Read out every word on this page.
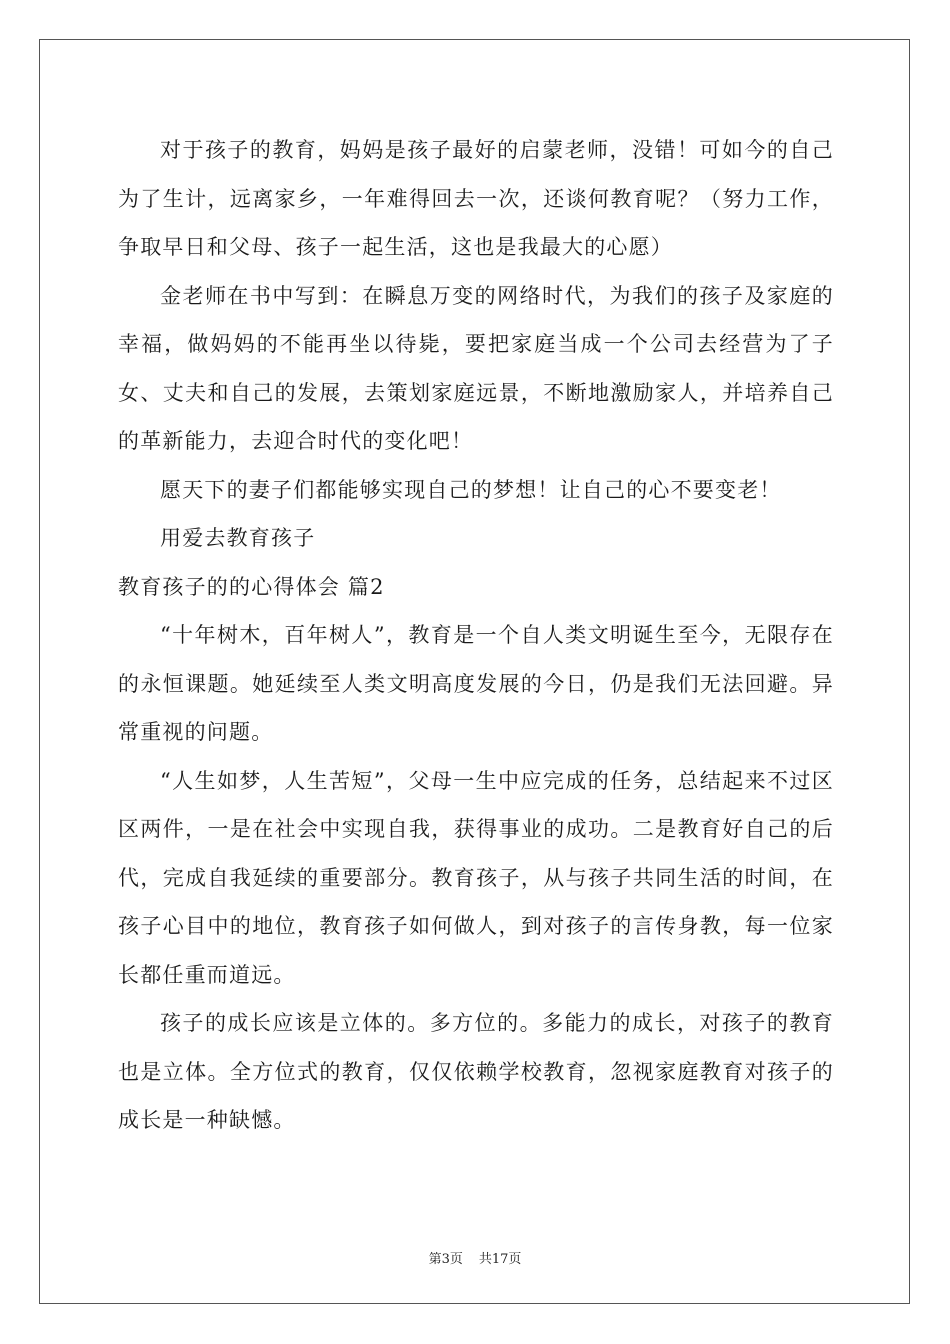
对于孩子的教育，妈妈是孩子最好的启蒙老师，没错！可如今的自己为了生计，远离家乡，一年难得回去一次，还谈何教育呢？（努力工作，争取早日和父母、孩子一起生活，这也是我最大的心愿）

金老师在书中写到：在瞬息万变的网络时代，为我们的孩子及家庭的幸福，做妈妈的不能再坐以待毙，要把家庭当成一个公司去经营为了子女、丈夫和自己的发展，去策划家庭远景，不断地激励家人，并培养自己的革新能力，去迎合时代的变化吧！

愿天下的妻子们都能够实现自己的梦想！让自己的心不要变老！

用爱去教育孩子

教育孩子的的心得体会 篇2

“十年树木，百年树人”，教育是一个自人类文明诞生至今，无限存在的永恒课题。她延续至人类文明高度发展的今日，仍是我们无法回避。异常重视的问题。

“人生如梦，人生苦短”，父母一生中应完成的任务，总结起来不过区区两件，一是在社会中实现自我，获得事业的成功。二是教育好自己的后代，完成自我延续的重要部分。教育孩子，从与孩子共同生活的时间，在孩子心目中的地位，教育孩子如何做人，到对孩子的言传身教，每一位家长都任重而道远。

孩子的成长应该是立体的。多方位的。多能力的成长，对孩子的教育也是立体。全方位式的教育，仅仅依赖学校教育，忽视家庭教育对孩子的成长是一种缺憾。

第3页 共17页
